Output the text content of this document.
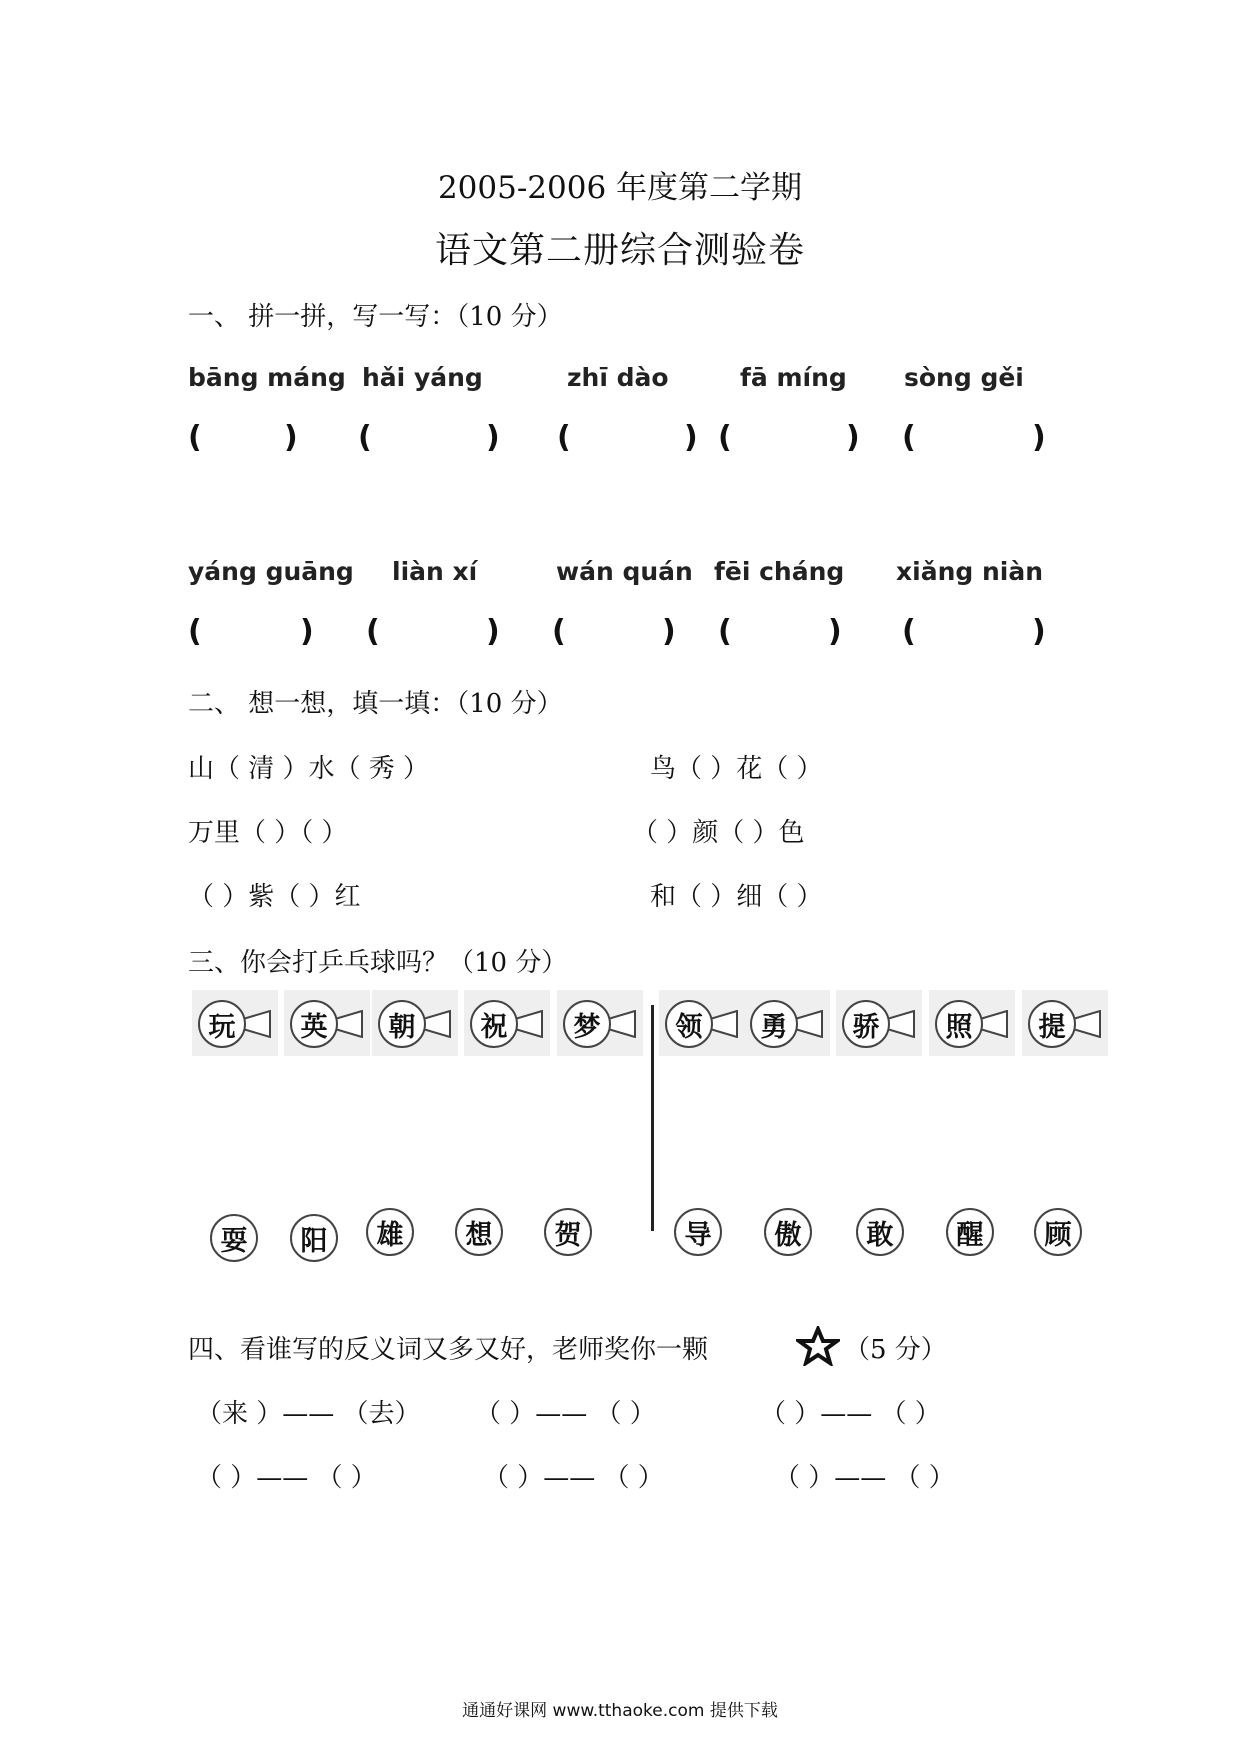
2005-2006 年度第二学期
语文第二册综合测验卷
一、 拼一拼，写一写：（10 分）
bāng máng hǎi yáng	zhī dào	fā míng sòng gěi
(	) (	) (	) (	) (	)
yáng guāng liàn xí	wán quán fēi cháng xiǎng niàn
(	) (	) (	) (	) (	)
二、 想一想，填一填：（10 分）
山（ 清 ）水（ 秀 ）	鸟（ ）花（ ）
万里（ ）（ ）	（ ）颜（ ）色
（ ）紫（ ）红	和（ ）细（ ）
三、你会打乒乓球吗？（10 分）
玩	英	朝	祝	梦	领	勇	骄	照	提
耍	阳	雄	想	贺	导	傲	敢	醒	顾
四、看谁写的反义词又多又好，老师奖你一颗	（5 分）
（来 ）—— （去） （ ）—— （ ）	（ ）—— （ ）
（ ）—— （ ）	（ ）—— （ ）	（ ）—— （ ）
通通好课网 www.tthaoke.com 提供下载
